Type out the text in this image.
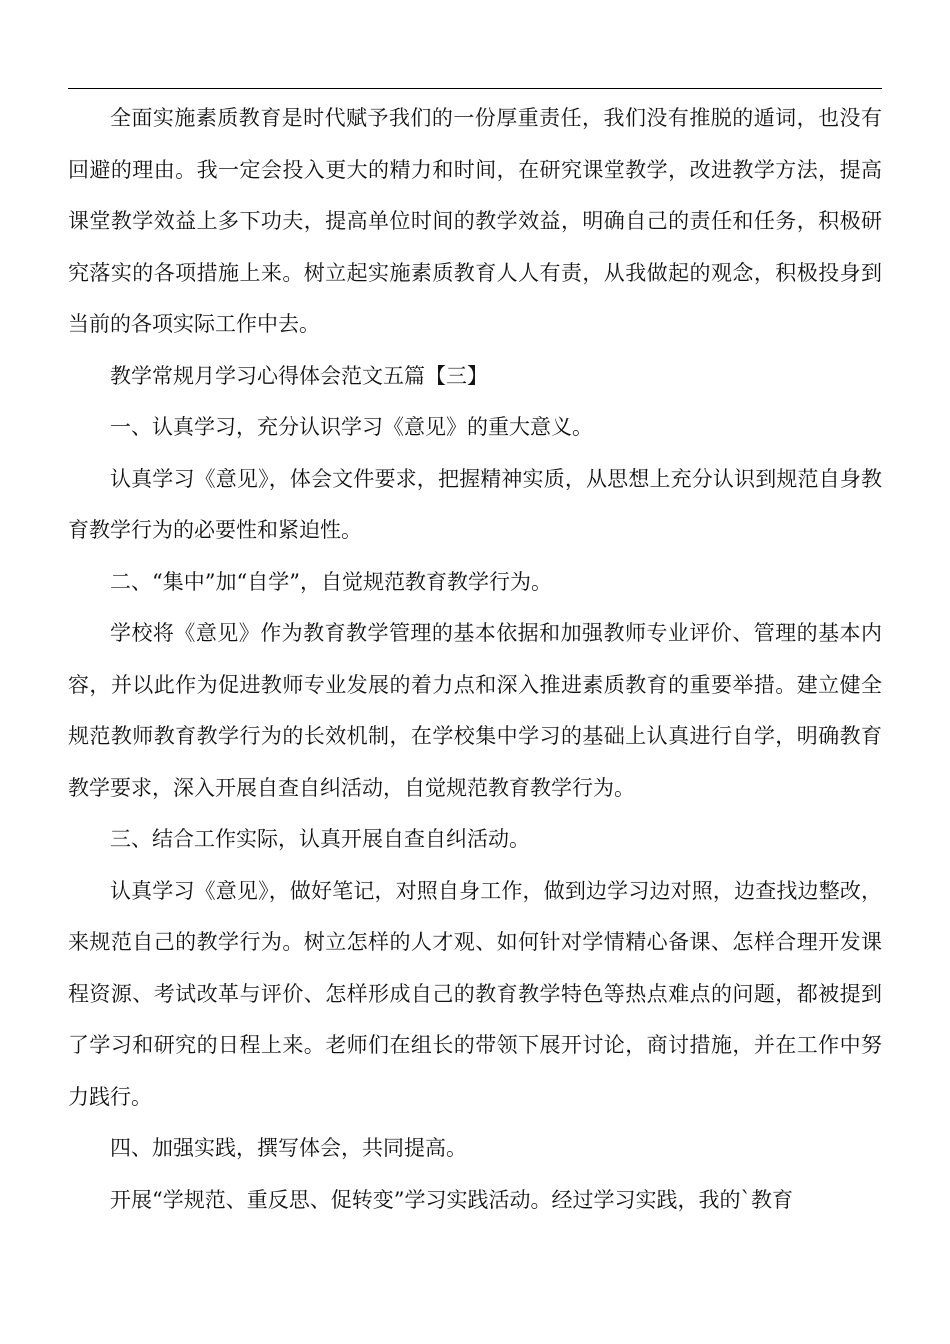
全面实施素质教育是时代赋予我们的一份厚重责任，我们没有推脱的遁词，也没有回避的理由。我一定会投入更大的精力和时间，在研究课堂教学，改进教学方法，提高课堂教学效益上多下功夫，提高单位时间的教学效益，明确自己的责任和任务，积极研究落实的各项措施上来。树立起实施素质教育人人有责，从我做起的观念，积极投身到当前的各项实际工作中去。

教学常规月学习心得体会范文五篇【三】

一、认真学习，充分认识学习《意见》的重大意义。

认真学习《意见》，体会文件要求，把握精神实质，从思想上充分认识到规范自身教育教学行为的必要性和紧迫性。

二、“集中”加“自学”，自觉规范教育教学行为。

学校将《意见》作为教育教学管理的基本依据和加强教师专业评价、管理的基本内容，并以此作为促进教师专业发展的着力点和深入推进素质教育的重要举措。建立健全规范教师教育教学行为的长效机制，在学校集中学习的基础上认真进行自学，明确教育教学要求，深入开展自查自纠活动，自觉规范教育教学行为。

三、结合工作实际，认真开展自查自纠活动。

认真学习《意见》，做好笔记，对照自身工作，做到边学习边对照，边查找边整改，来规范自己的教学行为。树立怎样的人才观、如何针对学情精心备课、怎样合理开发课程资源、考试改革与评价、怎样形成自己的教育教学特色等热点难点的问题，都被提到了学习和研究的日程上来。老师们在组长的带领下展开讨论，商讨措施，并在工作中努力践行。

四、加强实践，撰写体会，共同提高。

开展“学规范、重反思、促转变”学习实践活动。经过学习实践，我的`教育
